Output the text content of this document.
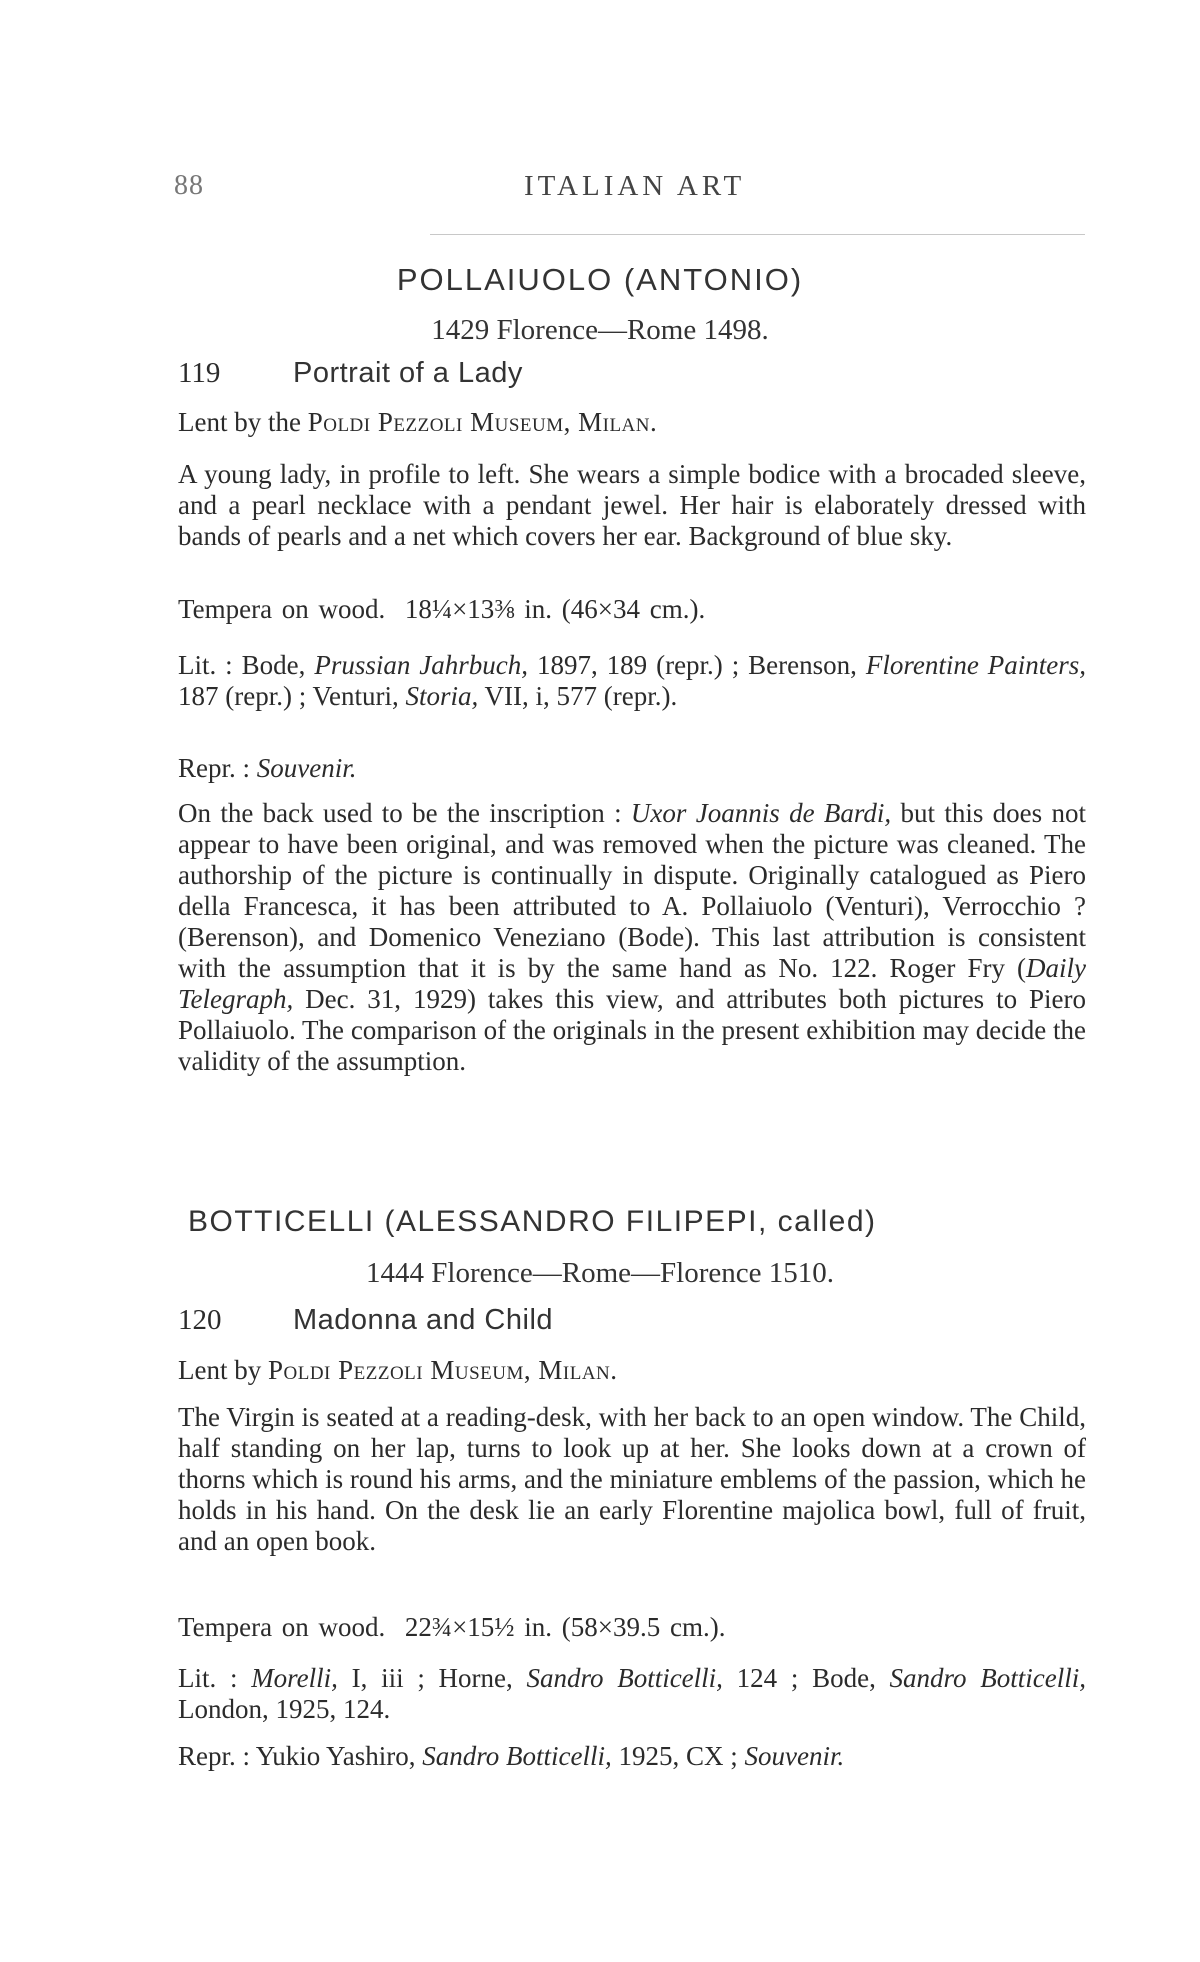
88	ITALIAN ART
POLLAIUOLO (ANTONIO)

1429 Florence—Rome 1498.

119	Portrait of a Lady

Lent by the Poldi Pezzoli Museum, Milan.

A young lady, in profile to left. She wears a simple bodice with a brocaded sleeve, and a pearl necklace with a pendant jewel. Her hair is elaborately dressed with bands of pearls and a net which covers her ear. Background of blue sky.

Tempera on wood. 18¼×13⅜ in. (46×34 cm.).

Lit. : Bode, Prussian Jahrbuch, 1897, 189 (repr.) ; Berenson, Florentine Painters, 187 (repr.) ; Venturi, Storia, VII, i, 577 (repr.).

Repr. : Souvenir.

On the back used to be the inscription : Uxor Joannis de Bardi, but this does not appear to have been original, and was removed when the picture was cleaned. The authorship of the picture is continually in dispute. Originally catalogued as Piero della Francesca, it has been attributed to A. Pollaiuolo (Venturi), Verrocchio ? (Berenson), and Domenico Veneziano (Bode). This last attribution is consistent with the assumption that it is by the same hand as No. 122. Roger Fry (Daily Telegraph, Dec. 31, 1929) takes this view, and attributes both pictures to Piero Pollaiuolo. The comparison of the originals in the present exhibition may decide the validity of the assumption.

BOTTICELLI (ALESSANDRO FILIPEPI, called)

1444 Florence—Rome—Florence 1510.

120 Madonna and Child

Lent by Poldi Pezzoli Museum, Milan.

The Virgin is seated at a reading-desk, with her back to an open window. The Child, half standing on her lap, turns to look up at her. She looks down at a crown of thorns which is round his arms, and the miniature emblems of the passion, which he holds in his hand. On the desk lie an early Florentine majolica bowl, full of fruit, and an open book.

Tempera on wood. 22¾×15½ in. (58×39.5 cm.).

Lit. : Morelli, I, iii ; Horne, Sandro Botticelli, 124 ; Bode, Sandro Botticelli, London, 1925, 124.

Repr. : Yukio Yashiro, Sandro Botticelli, 1925, CX ; Souvenir.
